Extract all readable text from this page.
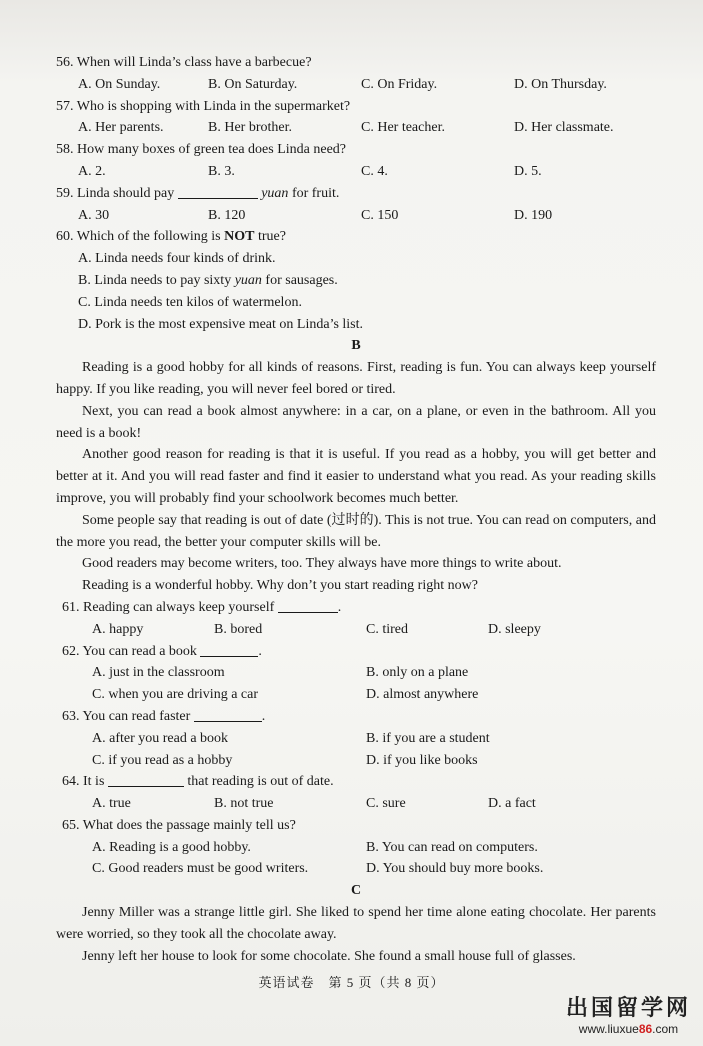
56. When will Linda’s class have a barbecue?
A. On Sunday.	B. On Saturday.	C. On Friday.	D. On Thursday.
57. Who is shopping with Linda in the supermarket?
A. Her parents.	B. Her brother.	C. Her teacher.	D. Her classmate.
58. How many boxes of green tea does Linda need?
A. 2.	B. 3.	C. 4.	D. 5.
59. Linda should pay	yuan for fruit.
A. 30	B. 120	C. 150	D. 190
60. Which of the following is NOT true?
A. Linda needs four kinds of drink.
B. Linda needs to pay sixty yuan for sausages.
C. Linda needs ten kilos of watermelon.
D. Pork is the most expensive meat on Linda’s list.
B
Reading is a good hobby for all kinds of reasons. First, reading is fun. You can always keep yourself happy. If you like reading, you will never feel bored or tired.
Next, you can read a book almost anywhere: in a car, on a plane, or even in the bathroom. All you need is a book!
Another good reason for reading is that it is useful. If you read as a hobby, you will get better and better at it. And you will read faster and find it easier to understand what you read. As your reading skills improve, you will probably find your schoolwork becomes much better.
Some people say that reading is out of date (过时的). This is not true. You can read on computers, and the more you read, the better your computer skills will be.
Good readers may become writers, too. They always have more things to write about.
Reading is a wonderful hobby. Why don’t you start reading right now?
61. Reading can always keep yourself	.
A. happy	B. bored	C. tired	D. sleepy
62. You can read a book	.
A. just in the classroom	B. only on a plane
C. when you are driving a car	D. almost anywhere
63. You can read faster	.
A. after you read a book	B. if you are a student
C. if you read as a hobby	D. if you like books
64. It is	that reading is out of date.
A. true	B. not true	C. sure	D. a fact
65. What does the passage mainly tell us?
A. Reading is a good hobby.	B. You can read on computers.
C. Good readers must be good writers.	D. You should buy more books.
C
Jenny Miller was a strange little girl. She liked to spend her time alone eating chocolate. Her parents were worried, so they took all the chocolate away.
Jenny left her house to look for some chocolate. She found a small house full of glasses.
英语试卷　第 5 页（共 8 页）
出国留学网
www.liuxue86.com
